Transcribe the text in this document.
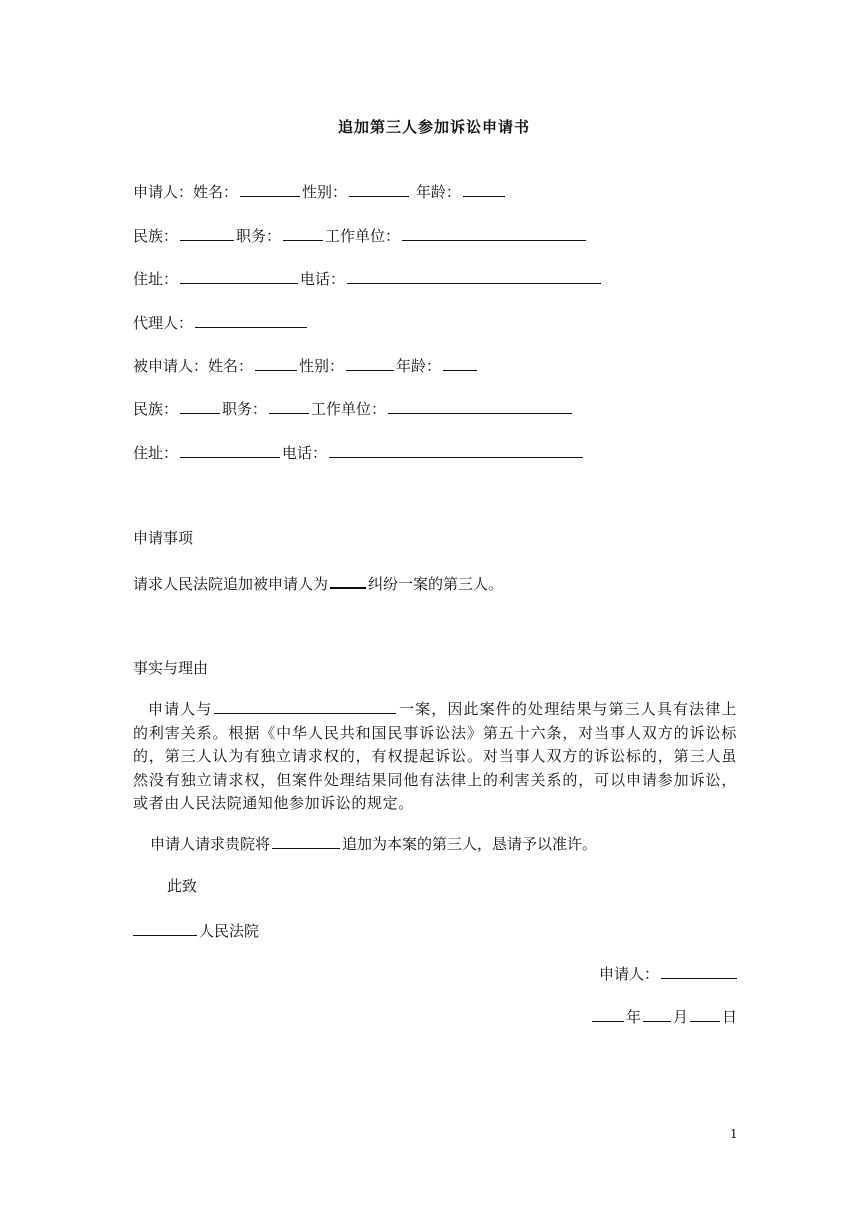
追加第三人参加诉讼申请书
申请人：姓名：	性别：	年龄：
民族：	职务：	工作单位：
住址：	电话：
代理人：
被申请人：姓名：	性别：	年龄：
民族：	职务：	工作单位：
住址：	电话：
申请事项
请求人民法院追加被申请人为	纠纷一案的第三人。
事实与理由
申请人与	一案，因此案件的处理结果与第三人具有法律上的利害关系。根据《中华人民共和国民事诉讼法》第五十六条，对当事人双方的诉讼标的，第三人认为有独立请求权的，有权提起诉讼。对当事人双方的诉讼标的，第三人虽然没有独立请求权，但案件处理结果同他有法律上的利害关系的，可以申请参加诉讼，或者由人民法院通知他参加诉讼的规定。
申请人请求贵院将	追加为本案的第三人，恳请予以准许。
此致
人民法院
申请人：
年 月 日
1
